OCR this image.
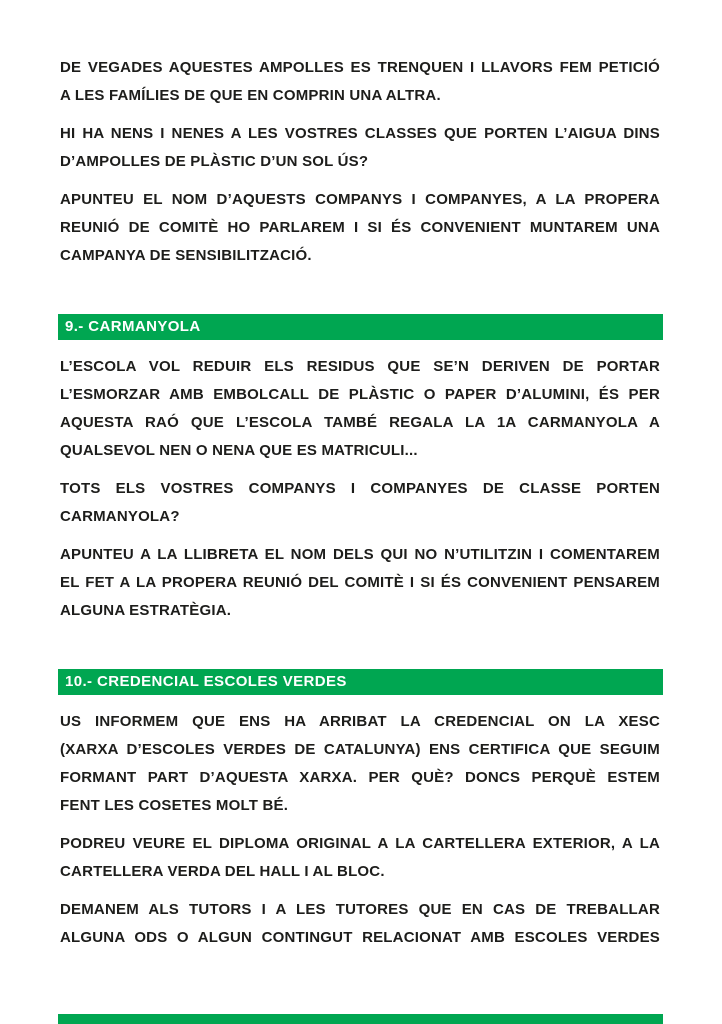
DE VEGADES AQUESTES AMPOLLES ES TRENQUEN I LLAVORS FEM PETICIÓ
A LES FAMÍLIES DE QUE EN COMPRIN UNA ALTRA.
HI HA NENS I NENES A LES VOSTRES CLASSES QUE PORTEN L’AIGUA DINS
D’AMPOLLES DE PLÀSTIC D’UN SOL ÚS?
APUNTEU EL NOM D’AQUESTS COMPANYS I COMPANYES, A LA PROPERA
REUNIÓ DE COMITÈ HO PARLAREM I SI ÉS CONVENIENT MUNTAREM UNA
CAMPANYA DE SENSIBILITZACIÓ.
9.- CARMANYOLA
L’ESCOLA VOL REDUIR ELS RESIDUS QUE SE’N DERIVEN DE PORTAR
L’ESMORZAR AMB EMBOLCALL DE PLÀSTIC O PAPER D’ALUMINI, ÉS PER
AQUESTA RAÓ QUE L’ESCOLA TAMBÉ REGALA LA 1A CARMANYOLA A
QUALSEVOL NEN O NENA QUE ES MATRICULI...
TOTS ELS VOSTRES COMPANYS I COMPANYES DE CLASSE PORTEN
CARMANYOLA?
APUNTEU A LA LLIBRETA EL NOM DELS QUI NO N’UTILITZIN I COMENTAREM
EL FET A LA PROPERA REUNIÓ DEL COMITÈ I SI ÉS CONVENIENT PENSAREM
ALGUNA ESTRATÈGIA.
10.- CREDENCIAL ESCOLES VERDES
US INFORMEM QUE ENS HA ARRIBAT LA CREDENCIAL ON LA XESC
(XARXA D’ESCOLES VERDES DE CATALUNYA) ENS CERTIFICA QUE SEGUIM
FORMANT PART D’AQUESTA XARXA. PER QUÈ? DONCS PERQUÈ ESTEM
FENT LES COSETES MOLT BÉ.
PODREU VEURE EL DIPLOMA ORIGINAL A LA CARTELLERA EXTERIOR, A LA
CARTELLERA VERDA DEL HALL I AL BLOC.
DEMANEM ALS TUTORS I A LES TUTORES QUE EN CAS DE TREBALLAR
ALGUNA ODS O ALGUN CONTINGUT RELACIONAT AMB ESCOLES VERDES
